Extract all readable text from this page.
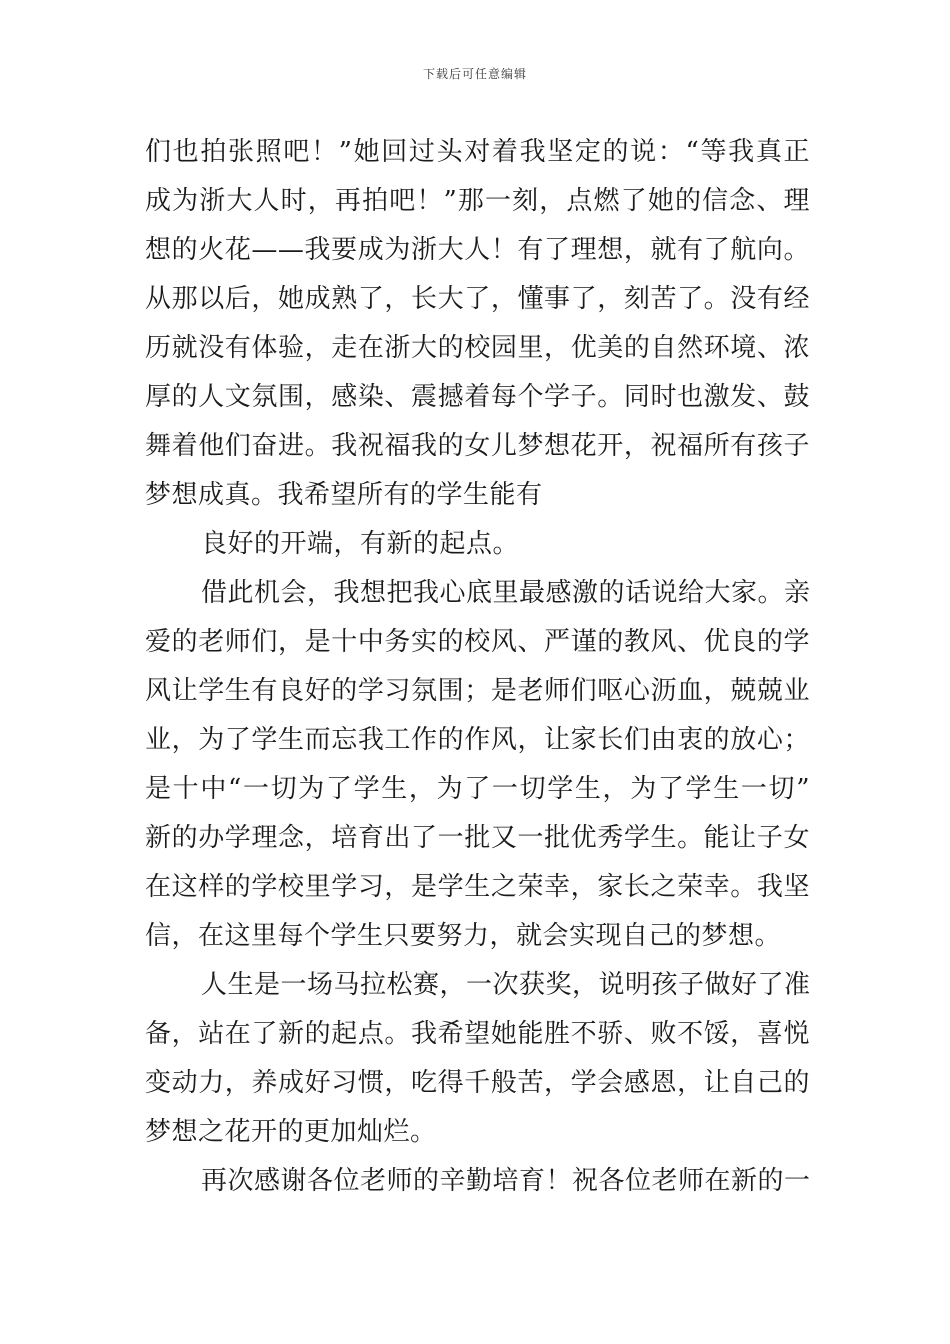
下载后可任意编辑
们也拍张照吧！”她回过头对着我坚定的说：“等我真正
成为浙大人时，再拍吧！”那一刻，点燃了她的信念、理
想的火花——我要成为浙大人！有了理想，就有了航向。
从那以后，她成熟了，长大了，懂事了，刻苦了。没有经
历就没有体验，走在浙大的校园里，优美的自然环境、浓
厚的人文氛围，感染、震撼着每个学子。同时也激发、鼓
舞着他们奋进。我祝福我的女儿梦想花开，祝福所有孩子
梦想成真。我希望所有的学生能有
良好的开端，有新的起点。
借此机会，我想把我心底里最感激的话说给大家。亲
爱的老师们，是十中务实的校风、严谨的教风、优良的学
风让学生有良好的学习氛围；是老师们呕心沥血，兢兢业
业，为了学生而忘我工作的作风，让家长们由衷的放心；
是十中“一切为了学生，为了一切学生，为了学生一切”
新的办学理念，培育出了一批又一批优秀学生。能让子女
在这样的学校里学习，是学生之荣幸，家长之荣幸。我坚
信，在这里每个学生只要努力，就会实现自己的梦想。
人生是一场马拉松赛，一次获奖，说明孩子做好了准
备，站在了新的起点。我希望她能胜不骄、败不馁，喜悦
变动力，养成好习惯，吃得千般苦，学会感恩，让自己的
梦想之花开的更加灿烂。
再次感谢各位老师的辛勤培育！祝各位老师在新的一
